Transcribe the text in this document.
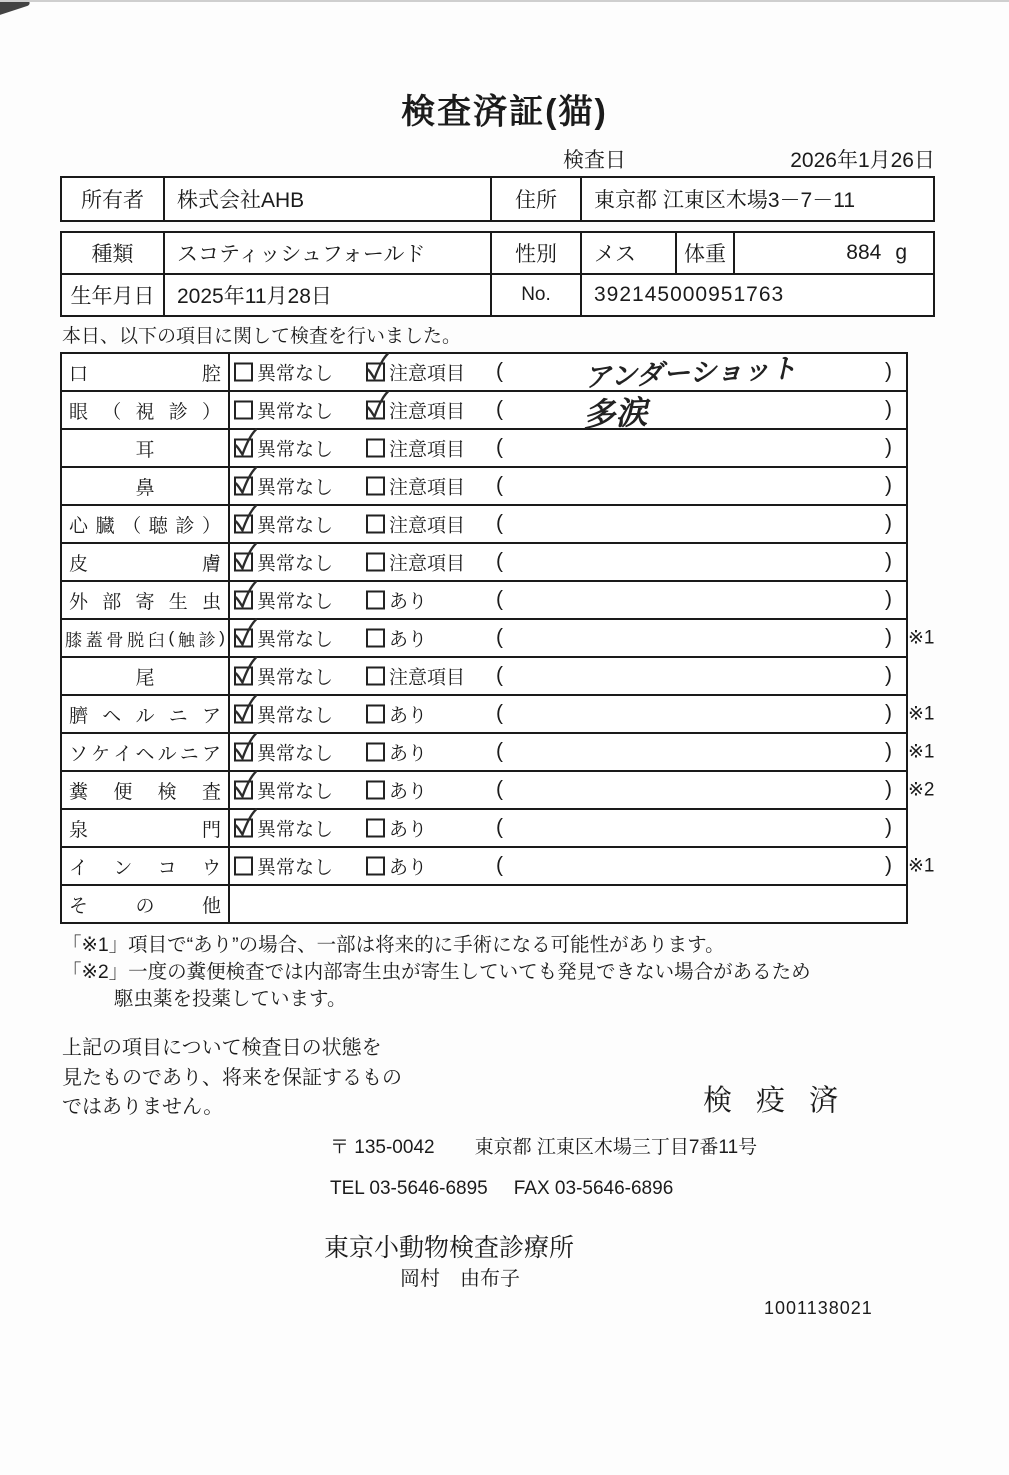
検査済証(猫)
検査日	2026年1月26日
所有者	株式会社AHB	住所	東京都 江東区木場3－7－11
種類	スコティッシュフォールド	性別	メス	体重	884 g
生年月日	2025年11月28日	No.	392145000951763

本日、以下の項目に関して検査を行いました。

口	腔 異常なし	注意項目 (	アンダーショット	)
眼 （ 視 診 ） 異常なし	注意項目 (	多涙	)
耳	異常なし	注意項目 (	)
鼻	異常なし	注意項目 (	)
心 臓 （ 聴 診 ） 異常なし	注意項目 (	)
皮	膚 異常なし	注意項目 (	)
外 部 寄 生 虫 異常なし	あり	(	)
膝 蓋 骨 脱 臼 ( 触 診 ) 異常なし	あり	(	) ※1
尾	異常なし	注意項目 (	)
臍 ヘ ル ニ ア 異常なし	あり	(	) ※1
ソ ケ イ ヘ ル ニ ア 異常なし	あり	(	) ※1
糞 便 検 査 異常なし	あり	(	) ※2
泉	門 異常なし	あり	(	)
イ ン コ ウ 異常なし	あり	(	) ※1
そ の 他
「※1」項目で“あり”の場合、一部は将来的に手術になる可能性があります。
「※2」一度の糞便検査では内部寄生虫が寄生していても発見できない場合があるため
駆虫薬を投薬しています。
上記の項目について検査日の状態を
見たものであり、将来を保証するもの
ではありません。	検 疫 済
〒 135-0042 東京都 江東区木場三丁目7番11号
TEL 03-5646-6895 FAX 03-5646-6896
東京小動物検査診療所
岡村　由布子
1001138021
